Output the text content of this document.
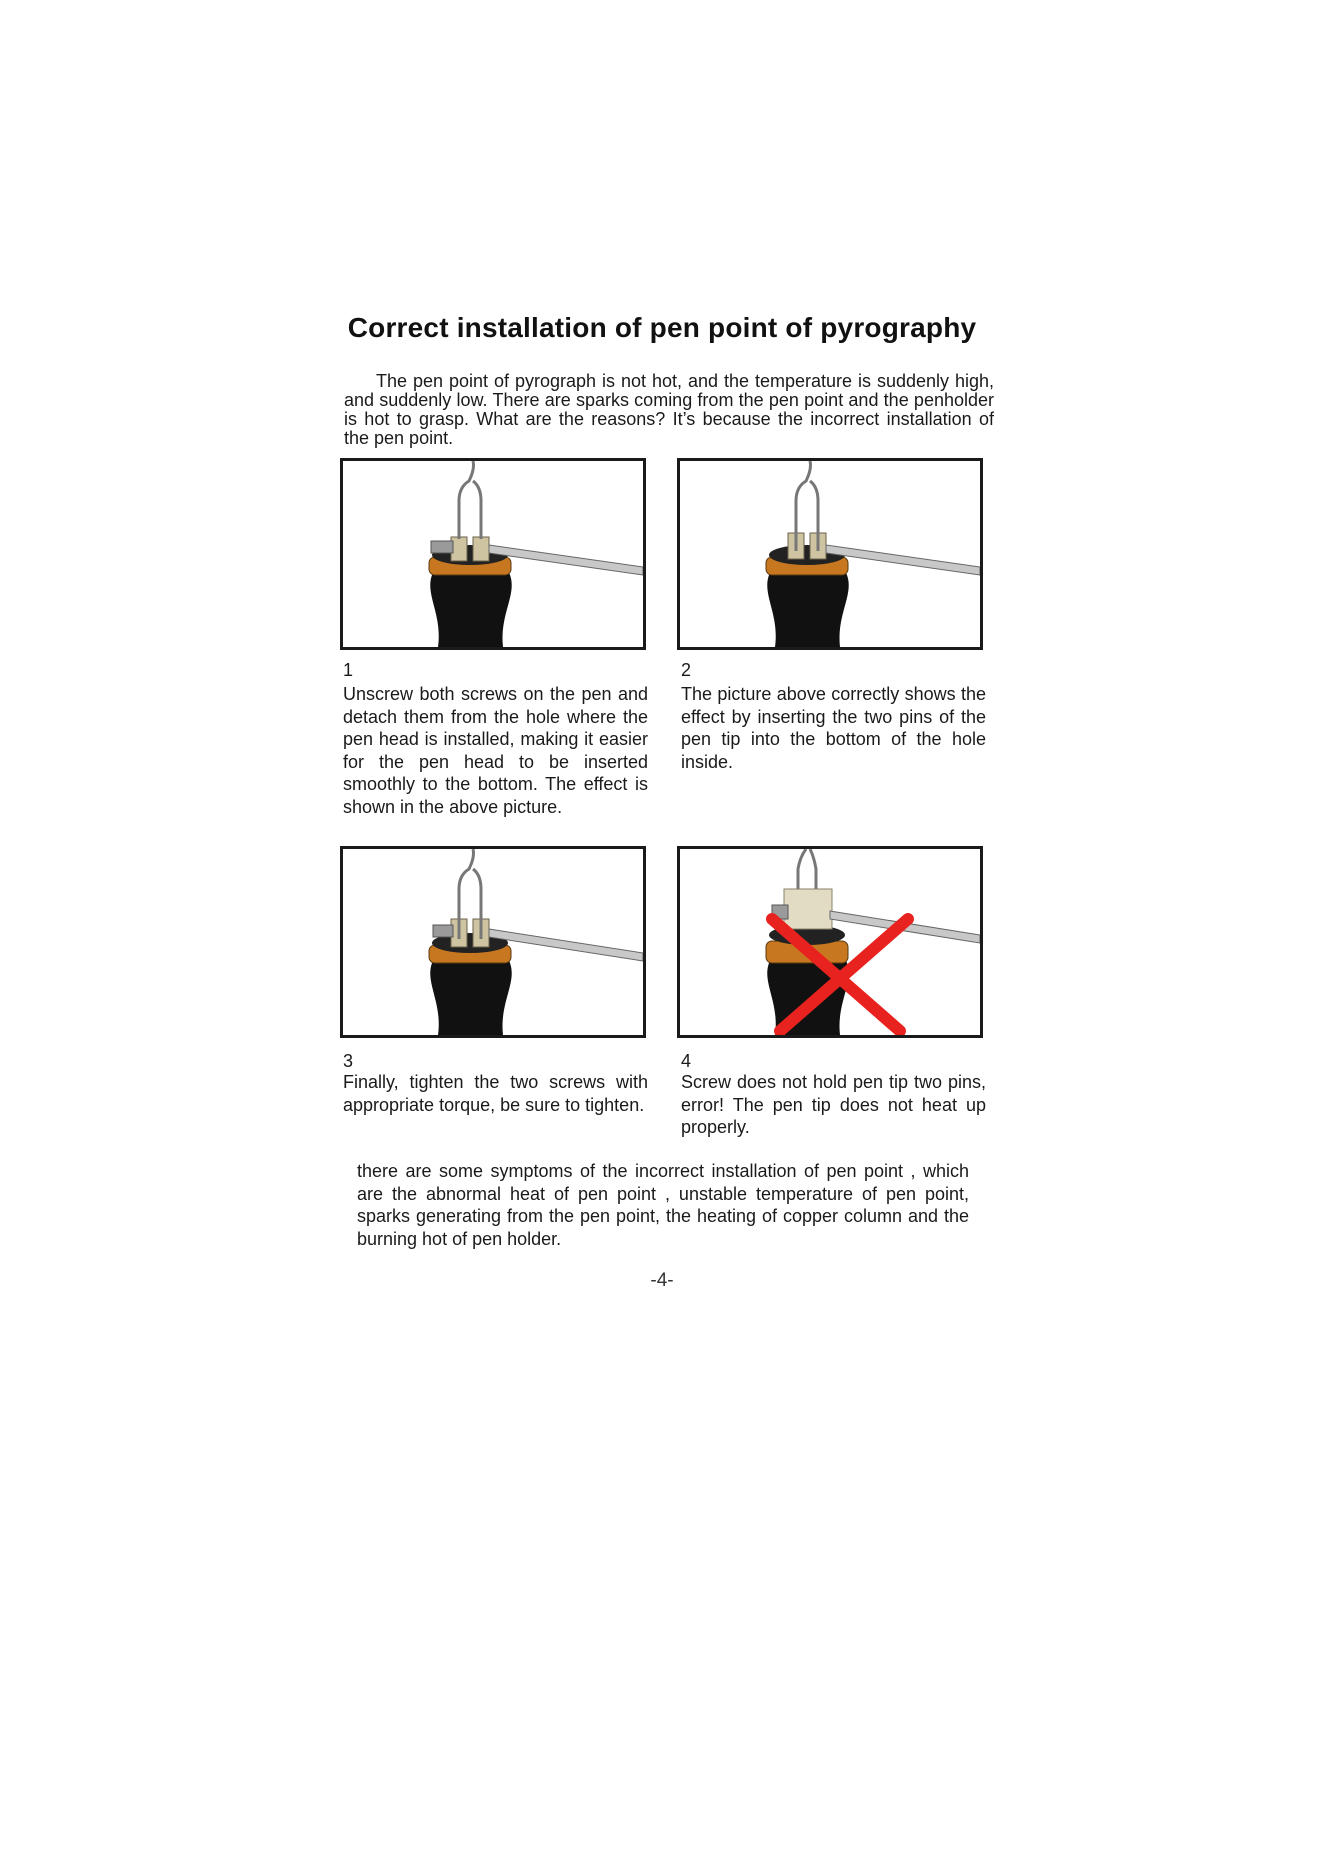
Correct installation of pen point of pyrography
The pen point of pyrograph is not hot, and the temperature is suddenly high, and suddenly low. There are sparks coming from the pen point and the penholder is hot to grasp. What are the reasons? It’s because the incorrect installation of the pen point.
1
Unscrew both screws on the pen and detach them from the hole where the pen head is installed, making it easier for the pen head to be inserted smoothly to the bottom. The effect is shown in the above picture.
2
The picture above correctly shows the effect by inserting the two pins of the pen tip into the bottom of the hole inside.
3
Finally, tighten the two screws with appropriate torque, be sure to tighten.
4
Screw does not hold pen tip two pins, error! The pen tip does not heat up properly.
there are some symptoms of the incorrect installation of pen point , which are the abnormal heat of pen point , unstable temperature of pen point, sparks generating from the pen point, the heating of copper column and the burning hot of pen holder.
-4-
